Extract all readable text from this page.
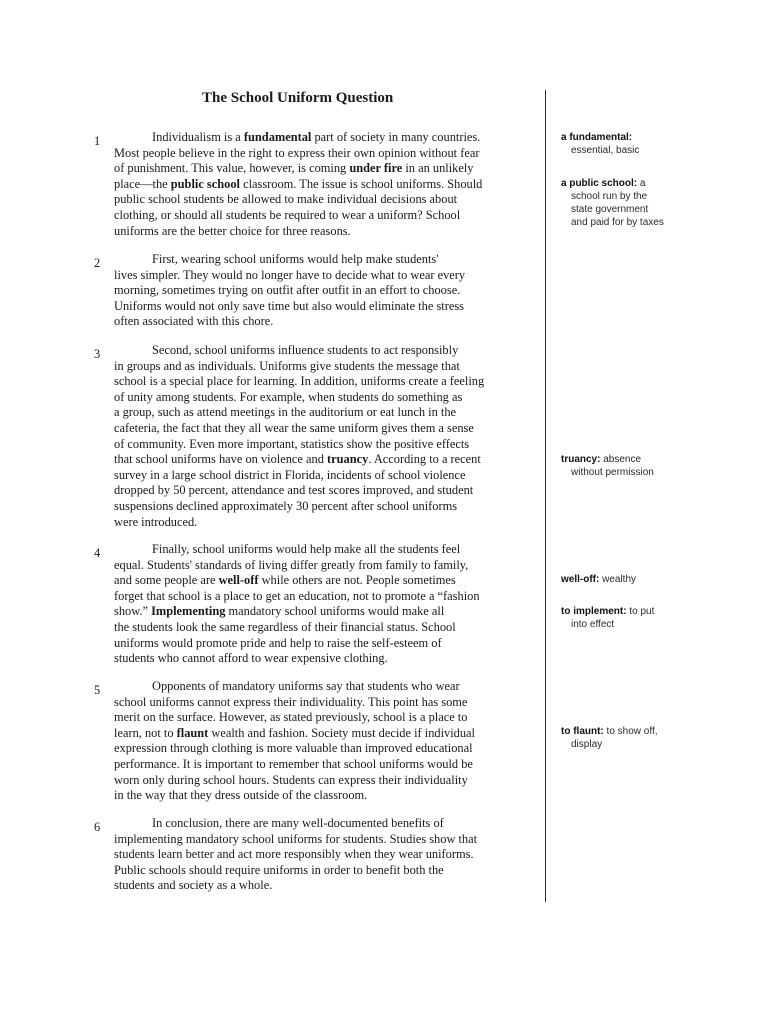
The School Uniform Question
1	Individualism is a fundamental part of society in many countries.
Most people believe in the right to express their own opinion without fear
of punishment. This value, however, is coming under fire in an unlikely
place—the public school classroom. The issue is school uniforms. Should
public school students be allowed to make individual decisions about
clothing, or should all students be required to wear a uniform? School
uniforms are the better choice for three reasons.
2	First, wearing school uniforms would help make students'
lives simpler. They would no longer have to decide what to wear every
morning, sometimes trying on outfit after outfit in an effort to choose.
Uniforms would not only save time but also would eliminate the stress
often associated with this chore.
3	Second, school uniforms influence students to act responsibly
in groups and as individuals. Uniforms give students the message that
school is a special place for learning. In addition, uniforms create a feeling
of unity among students. For example, when students do something as
a group, such as attend meetings in the auditorium or eat lunch in the
cafeteria, the fact that they all wear the same uniform gives them a sense
of community. Even more important, statistics show the positive effects
that school uniforms have on violence and truancy. According to a recent
survey in a large school district in Florida, incidents of school violence
dropped by 50 percent, attendance and test scores improved, and student
suspensions declined approximately 30 percent after school uniforms
were introduced.
4	Finally, school uniforms would help make all the students feel
equal. Students' standards of living differ greatly from family to family,
and some people are well-off while others are not. People sometimes
forget that school is a place to get an education, not to promote a “fashion
show.” Implementing mandatory school uniforms would make all
the students look the same regardless of their financial status. School
uniforms would promote pride and help to raise the self-esteem of
students who cannot afford to wear expensive clothing.
5	Opponents of mandatory uniforms say that students who wear
school uniforms cannot express their individuality. This point has some
merit on the surface. However, as stated previously, school is a place to
learn, not to flaunt wealth and fashion. Society must decide if individual
expression through clothing is more valuable than improved educational
performance. It is important to remember that school uniforms would be
worn only during school hours. Students can express their individuality
in the way that they dress outside of the classroom.
6	In conclusion, there are many well-documented benefits of
implementing mandatory school uniforms for students. Studies show that
students learn better and act more responsibly when they wear uniforms.
Public schools should require uniforms in order to benefit both the
students and society as a whole.
a fundamental:
essential, basic
a public school: a
school run by the
state government
and paid for by taxes
truancy: absence
without permission
well-off: wealthy
to implement: to put
into effect
to flaunt: to show off,
display
